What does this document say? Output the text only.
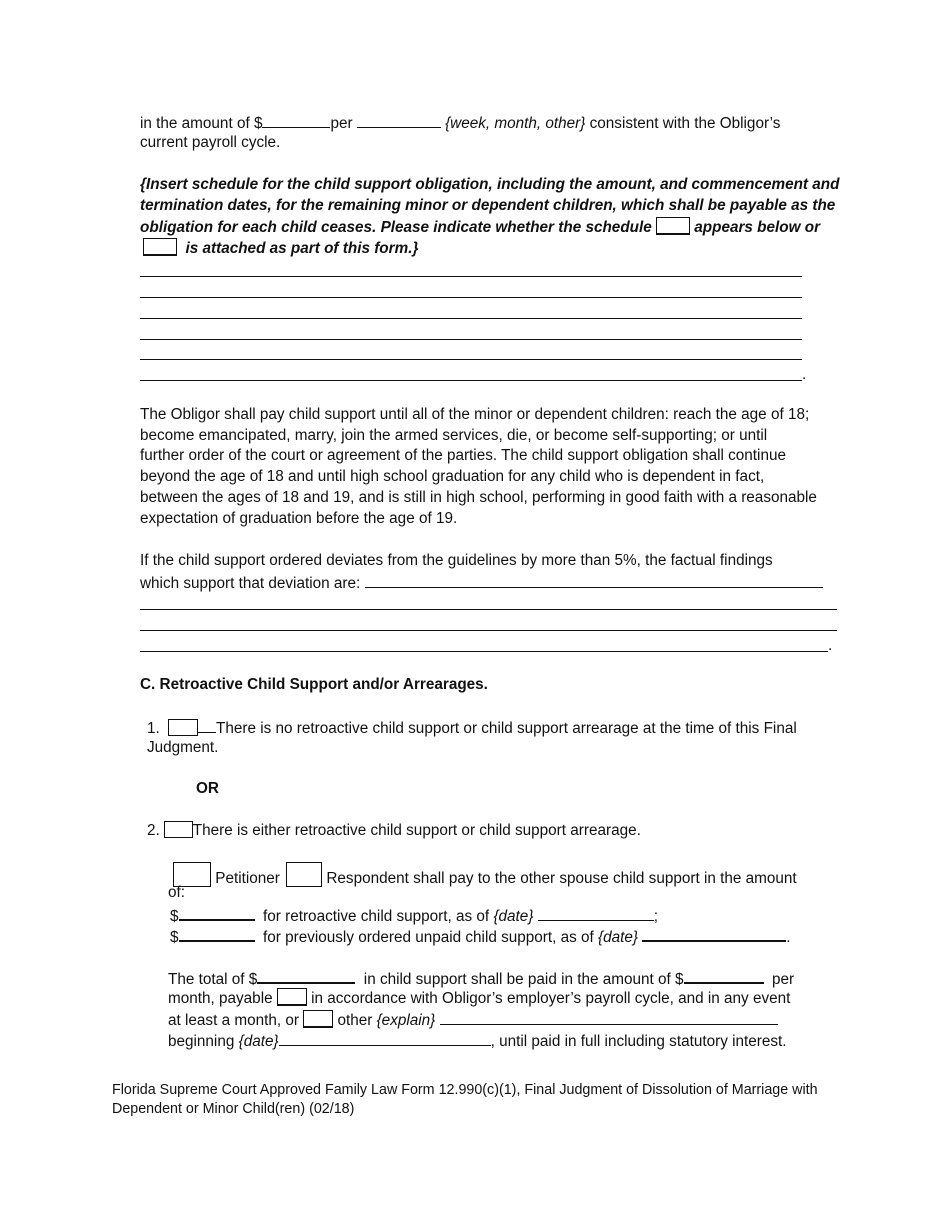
in the amount of $	per	{week, month, other} consistent with the Obligor’s
current payroll cycle.
{Insert schedule for the child support obligation, including the amount, and commencement and
termination dates, for the remaining minor or dependent children, which shall be payable as the
obligation for each child ceases. Please indicate whether the schedule	appears below or
is attached as part of this form.}
.
The Obligor shall pay child support until all of the minor or dependent children: reach the age of 18;
become emancipated, marry, join the armed services, die, or become self-supporting; or until
further order of the court or agreement of the parties. The child support obligation shall continue
beyond the age of 18 and until high school graduation for any child who is dependent in fact,
between the ages of 18 and 19, and is still in high school, performing in good faith with a reasonable
expectation of graduation before the age of 19.
If the child support ordered deviates from the guidelines by more than 5%, the factual findings
which support that deviation are:
.
C. Retroactive Child Support and/or Arrearages.
1.	There is no retroactive child support or child support arrearage at the time of this Final
Judgment.
OR
2. There is either retroactive child support or child support arrearage.
Petitioner	Respondent shall pay to the other spouse child support in the amount
of:
$	for retroactive child support, as of {date}	;
$	for previously ordered unpaid child support, as of {date}	.
The total of $	in child support shall be paid in the amount of $	per
month, payable	in accordance with Obligor’s employer’s payroll cycle, and in any event
at least a month, or	other {explain}
beginning {date}	, until paid in full including statutory interest.
Florida Supreme Court Approved Family Law Form 12.990(c)(1), Final Judgment of Dissolution of Marriage with
Dependent or Minor Child(ren) (02/18)
